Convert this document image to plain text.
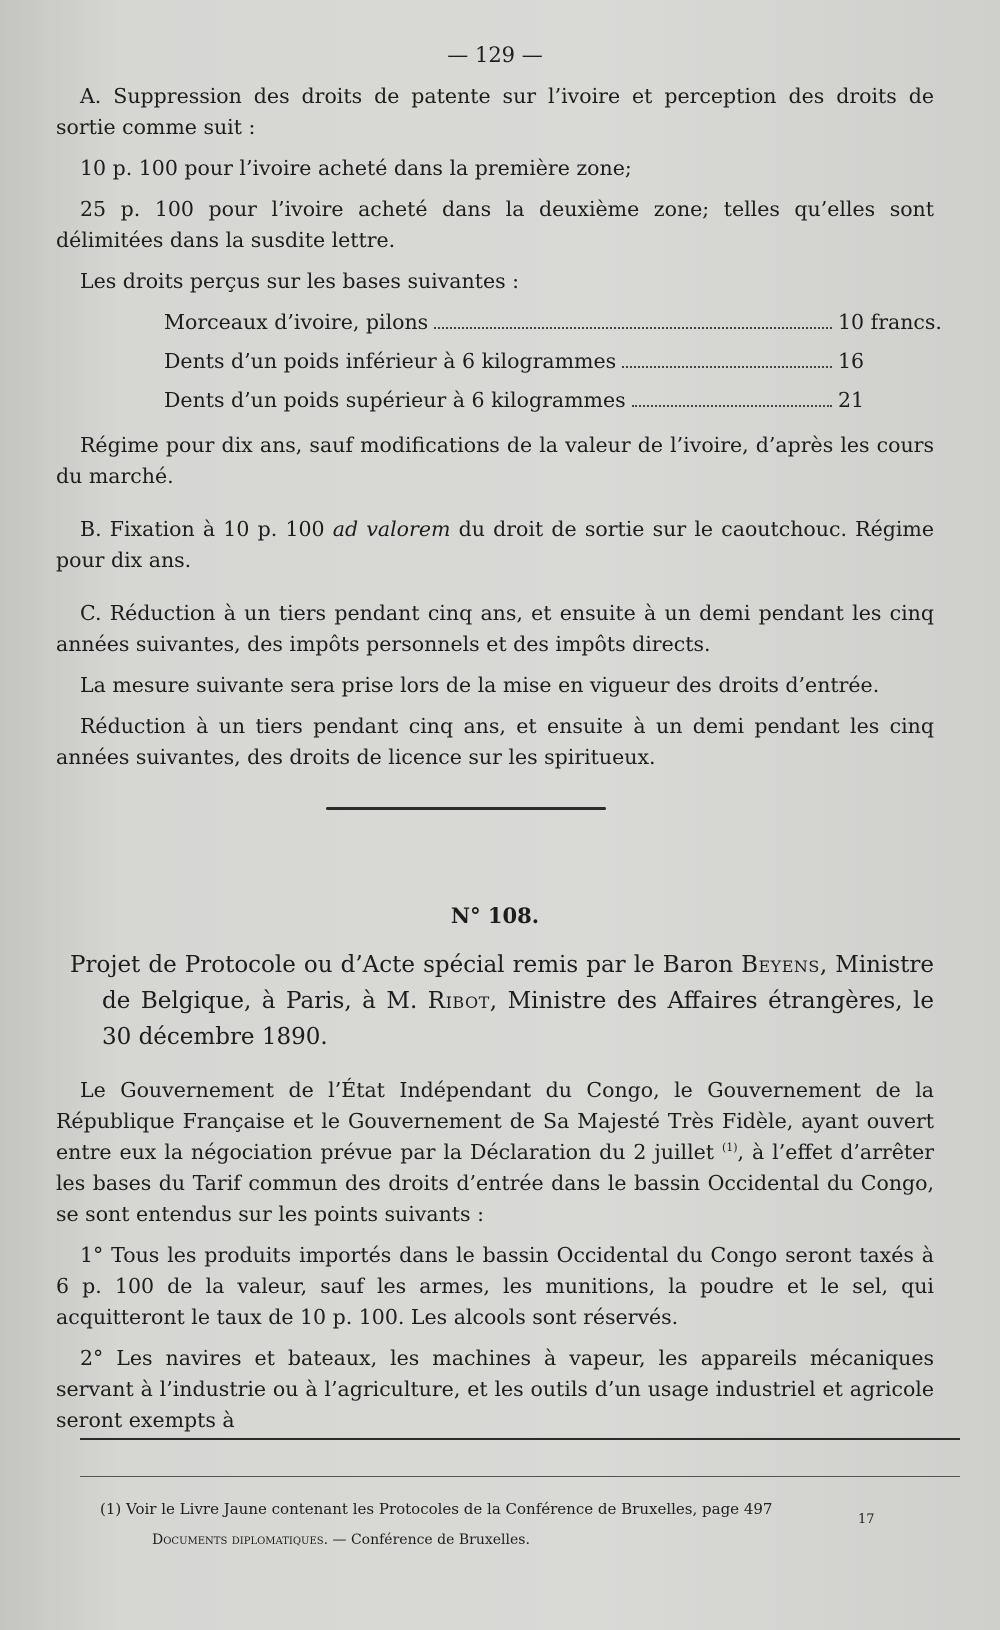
— 129 —

A. Suppression des droits de patente sur l’ivoire et perception des droits de sortie comme suit :

10 p. 100 pour l’ivoire acheté dans la première zone;

25 p. 100 pour l’ivoire acheté dans la deuxième zone; telles qu’elles sont délimitées dans la susdite lettre.

Les droits perçus sur les bases suivantes :

Morceaux d’ivoire, pilons	10 francs.
Dents d’un poids inférieur à 6 kilogrammes	16
Dents d’un poids supérieur à 6 kilogrammes	21

Régime pour dix ans, sauf modifications de la valeur de l’ivoire, d’après les cours du marché.

B. Fixation à 10 p. 100 ad valorem du droit de sortie sur le caoutchouc. Régime pour dix ans.

C. Réduction à un tiers pendant cinq ans, et ensuite à un demi pendant les cinq années suivantes, des impôts personnels et des impôts directs.

La mesure suivante sera prise lors de la mise en vigueur des droits d’entrée.

Réduction à un tiers pendant cinq ans, et ensuite à un demi pendant les cinq années suivantes, des droits de licence sur les spiritueux.

N° 108.

Projet de Protocole ou d’Acte spécial remis par le Baron Beyens, Ministre de Belgique, à Paris, à M. Ribot, Ministre des Affaires étrangères, le 30 décembre 1890.

Le Gouvernement de l’État Indépendant du Congo, le Gouvernement de la République Française et le Gouvernement de Sa Majesté Très Fidèle, ayant ouvert entre eux la négociation prévue par la Déclaration du 2 juillet $^{(1)}$, à l’effet d’arrêter les bases du Tarif commun des droits d’entrée dans le bassin Occidental du Congo, se sont entendus sur les points suivants :

1° Tous les produits importés dans le bassin Occidental du Congo seront taxés à 6 p. 100 de la valeur, sauf les armes, les munitions, la poudre et le sel, qui acquitteront le taux de 10 p. 100. Les alcools sont réservés.

2° Les navires et bateaux, les machines à vapeur, les appareils mécaniques servant à l’industrie ou à l’agriculture, et les outils d’un usage industriel et agricole seront exempts à

(1) Voir le Livre Jaune contenant les Protocoles de la Conférence de Bruxelles, page 497

Documents diplomatiques. — Conférence de Bruxelles.

17
